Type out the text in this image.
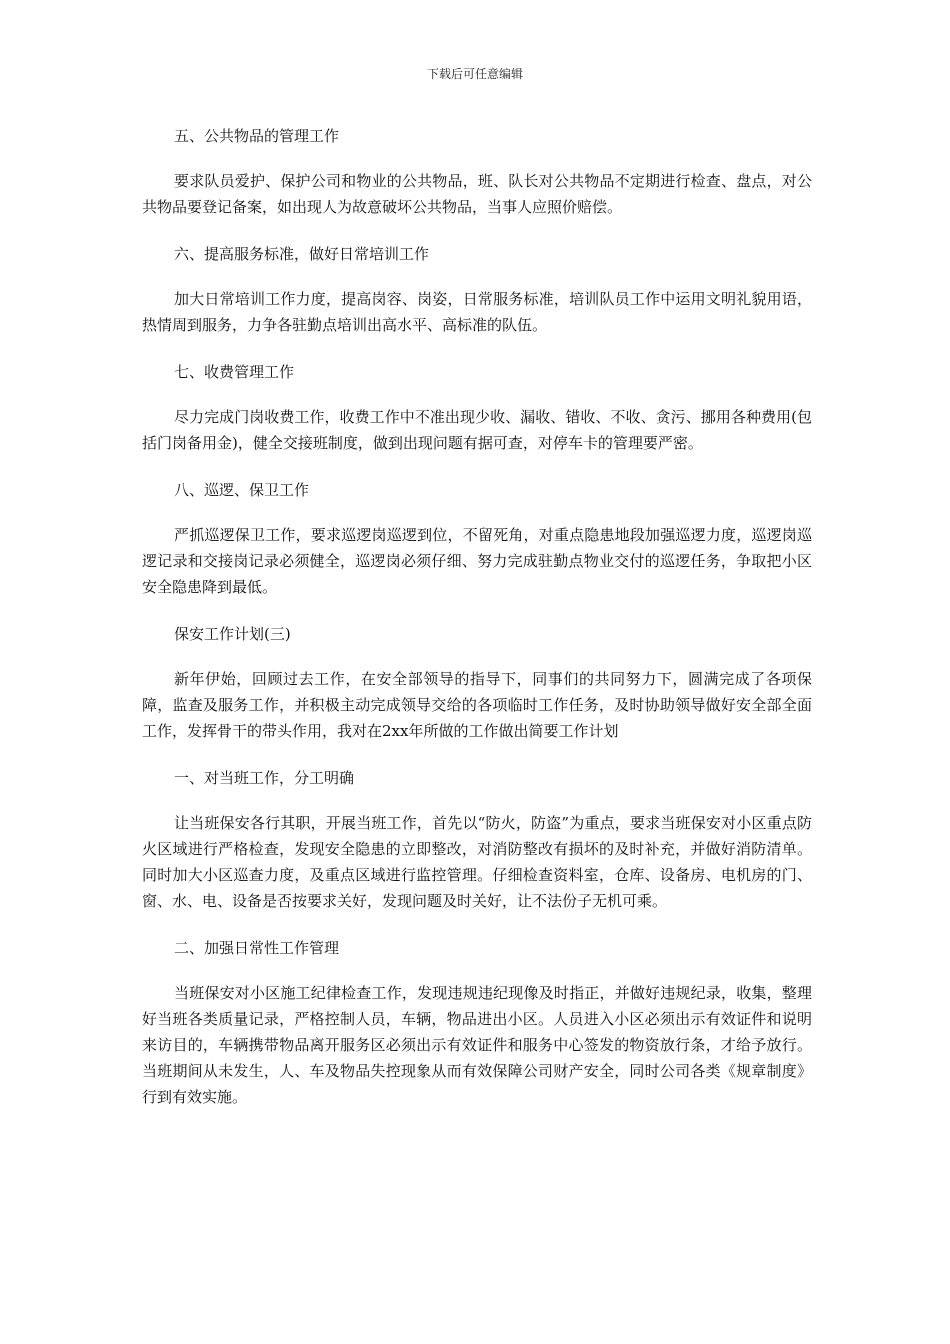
下载后可任意编辑

五、公共物品的管理工作

要求队员爱护、保护公司和物业的公共物品，班、队长对公共物品不定期进行检查、盘点，对公共物品要登记备案，如出现人为故意破坏公共物品，当事人应照价赔偿。

六、提高服务标准，做好日常培训工作

加大日常培训工作力度，提高岗容、岗姿，日常服务标准，培训队员工作中运用文明礼貌用语，热情周到服务，力争各驻勤点培训出高水平、高标准的队伍。

七、收费管理工作

尽力完成门岗收费工作，收费工作中不准出现少收、漏收、错收、不收、贪污、挪用各种费用(包括门岗备用金)，健全交接班制度，做到出现问题有据可查，对停车卡的管理要严密。

八、巡逻、保卫工作

严抓巡逻保卫工作，要求巡逻岗巡逻到位，不留死角，对重点隐患地段加强巡逻力度，巡逻岗巡逻记录和交接岗记录必须健全，巡逻岗必须仔细、努力完成驻勤点物业交付的巡逻任务，争取把小区安全隐患降到最低。

保安工作计划(三)

新年伊始，回顾过去工作，在安全部领导的指导下，同事们的共同努力下，圆满完成了各项保障，监查及服务工作，并积极主动完成领导交给的各项临时工作任务，及时协助领导做好安全部全面工作，发挥骨干的带头作用，我对在2xx年所做的工作做出简要工作计划

一、对当班工作，分工明确

让当班保安各行其职，开展当班工作，首先以“防火，防盗”为重点，要求当班保安对小区重点防火区域进行严格检查，发现安全隐患的立即整改，对消防整改有损坏的及时补充，并做好消防清单。同时加大小区巡查力度，及重点区域进行监控管理。仔细检查资料室，仓库、设备房、电机房的门、窗、水、电、设备是否按要求关好，发现问题及时关好，让不法份子无机可乘。

二、加强日常性工作管理

当班保安对小区施工纪律检查工作，发现违规违纪现像及时指正，并做好违规纪录，收集，整理好当班各类质量记录，严格控制人员，车辆，物品进出小区。人员进入小区必须出示有效证件和说明来访目的，车辆携带物品离开服务区必须出示有效证件和服务中心签发的物资放行条，才给予放行。当班期间从未发生，人、车及物品失控现象从而有效保障公司财产安全，同时公司各类《规章制度》行到有效实施。
